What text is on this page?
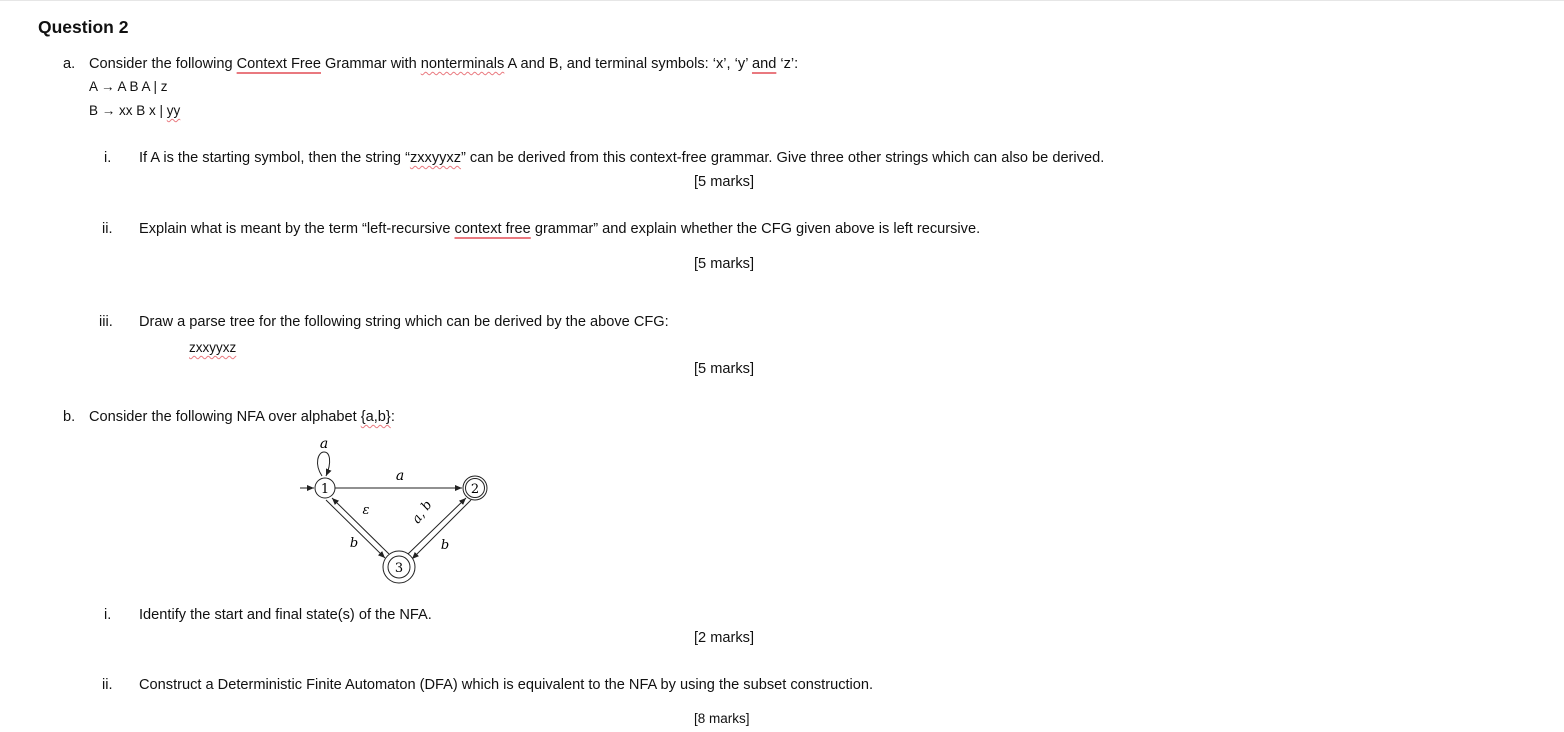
Question 2
a. Consider the following Context Free Grammar with nonterminals A and B, and terminal symbols: ‘x’, ‘y’ and ‘z’:
A → A B A | z
B → xx B x | yy
i. If A is the starting symbol, then the string “zxxyyxz” can be derived from this context-free grammar. Give three other strings which can also be derived.
[5 marks]
ii. Explain what is meant by the term “left-recursive context free grammar” and explain whether the CFG given above is left recursive.
[5 marks]
iii. Draw a parse tree for the following string which can be derived by the above CFG:
zxxyyxz
[5 marks]
b. Consider the following NFA over alphabet {a,b}:
a
a
ε
b
a, b
b
1	2
3
i. Identify the start and final state(s) of the NFA.
[2 marks]
ii. Construct a Deterministic Finite Automaton (DFA) which is equivalent to the NFA by using the subset construction.
[8 marks]
